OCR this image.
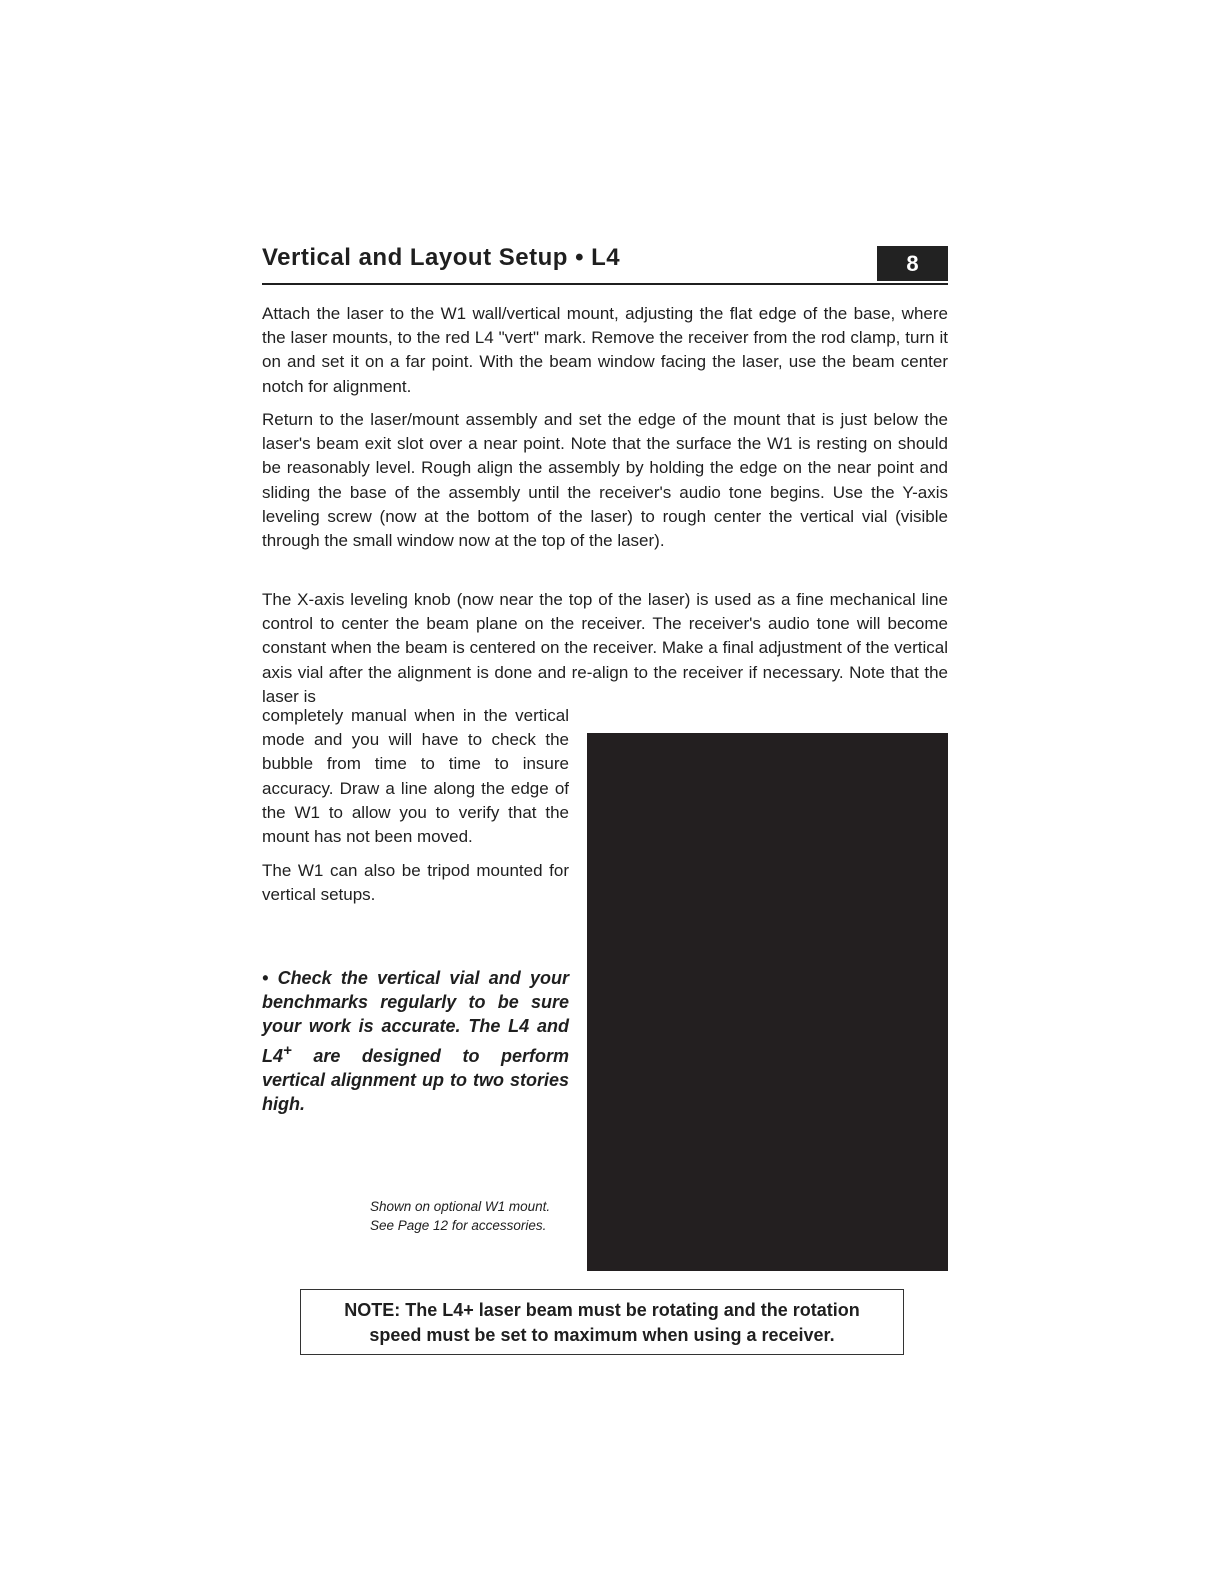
Vertical and Layout Setup • L4	8

Attach the laser to the W1 wall/vertical mount, adjusting the flat edge of the base, where the laser mounts, to the red L4 "vert" mark. Remove the receiver from the rod clamp, turn it on and set it on a far point. With the beam window facing the laser, use the beam center notch for alignment.

Return to the laser/mount assembly and set the edge of the mount that is just below the laser's beam exit slot over a near point. Note that the surface the W1 is resting on should be reasonably level. Rough align the assembly by holding the edge on the near point and sliding the base of the assembly until the receiver's audio tone begins. Use the Y-axis leveling screw (now at the bottom of the laser) to rough center the vertical vial (visible through the small window now at the top of the laser).

The X-axis leveling knob (now near the top of the laser) is used as a fine mechanical line control to center the beam plane on the receiver. The receiver's audio tone will become constant when the beam is centered on the receiver. Make a final adjustment of the vertical axis vial after the alignment is done and re-align to the receiver if necessary. Note that the laser is

completely manual when in the vertical mode and you will have to check the bubble from time to time to insure accuracy. Draw a line along the edge of the W1 to allow you to verify that the mount has not been moved.

The W1 can also be tripod mounted for vertical setups.

• Check the vertical vial and your benchmarks regularly to be sure your work is accurate. The L4 and L4+ are designed to perform vertical alignment up to two stories high.

Shown on optional W1 mount.
See Page 12 for accessories.
NOTE: The L4+ laser beam must be rotating and the rotation
speed must be set to maximum when using a receiver.
